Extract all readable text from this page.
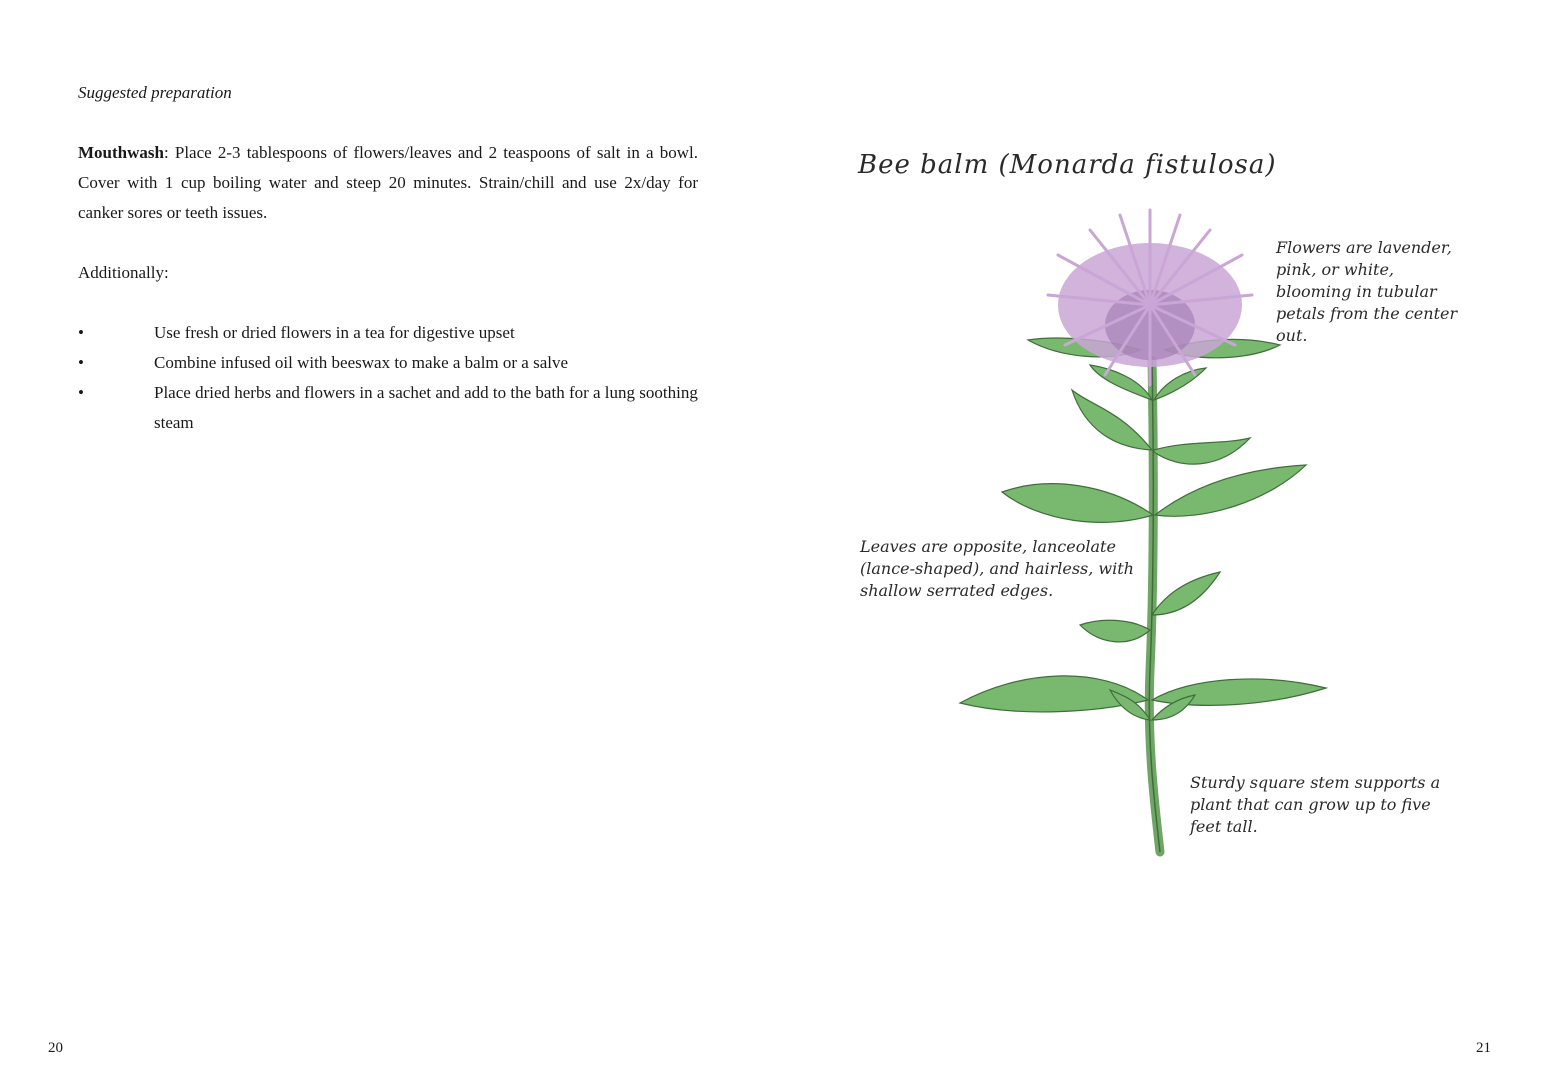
Suggested preparation

Mouthwash: Place 2-3 tablespoons of flowers/leaves and 2 teaspoons of salt in a bowl. Cover with 1 cup boiling water and steep 20 minutes. Strain/chill and use 2x/day for canker sores or teeth issues.

Additionally:

•	Use fresh or dried flowers in a tea for digestive upset
•	Combine infused oil with beeswax to make a balm or a salve
•	Place dried herbs and flowers in a sachet and add to the bath for a lung soothing steam
20
Bee balm (Monarda fistulosa)
Flowers are lavender, pink, or white, blooming in tubular petals from the center out.
Leaves are opposite, lanceolate (lance-shaped), and hairless, with shallow serrated edges.
Sturdy square stem supports a plant that can grow up to five feet tall.
21
